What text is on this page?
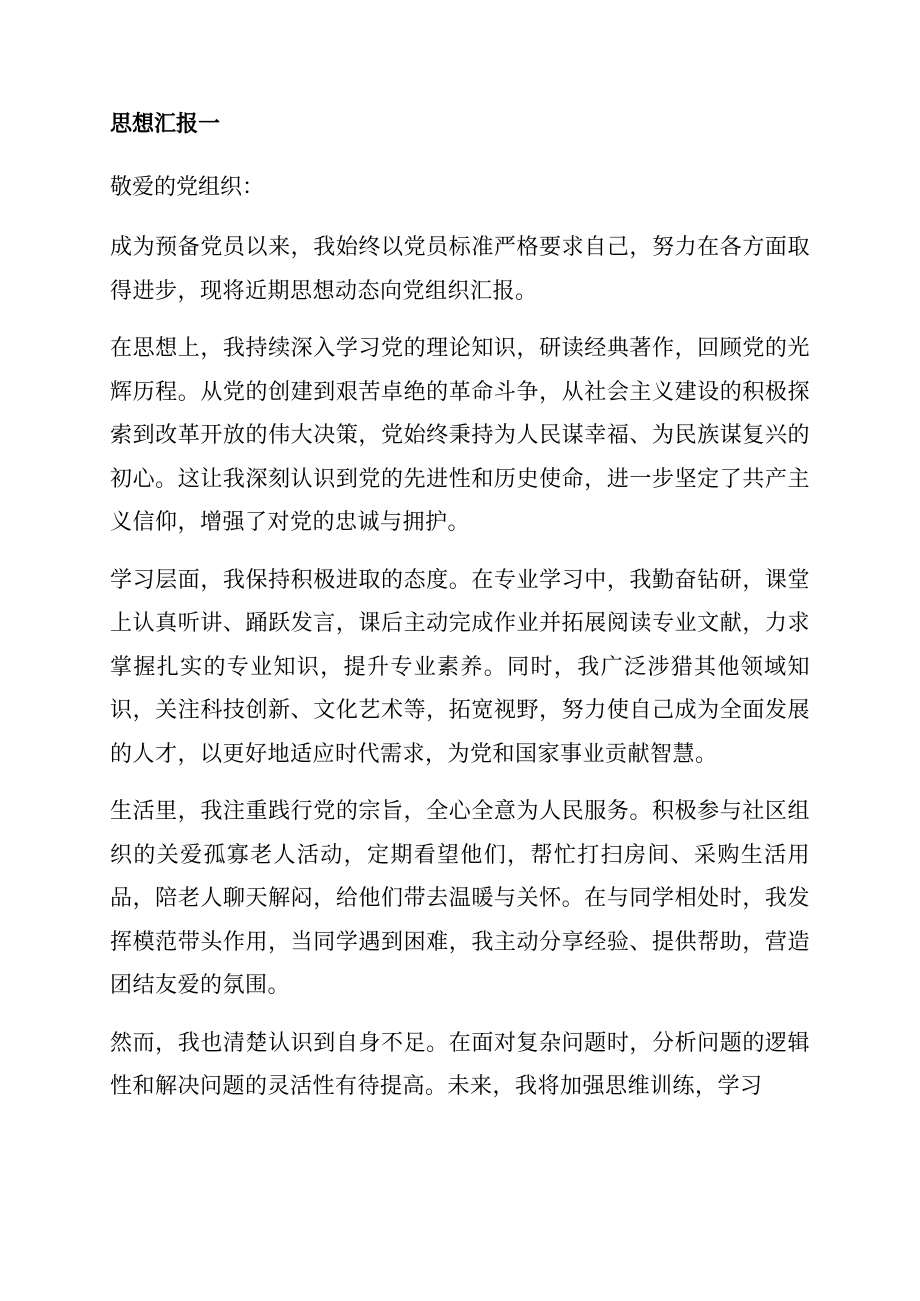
思想汇报一
敬爱的党组织：

成为预备党员以来，我始终以党员标准严格要求自己，努力在各方面取得进步，现将近期思想动态向党组织汇报。

在思想上，我持续深入学习党的理论知识，研读经典著作，回顾党的光辉历程。从党的创建到艰苦卓绝的革命斗争，从社会主义建设的积极探索到改革开放的伟大决策，党始终秉持为人民谋幸福、为民族谋复兴的初心。这让我深刻认识到党的先进性和历史使命，进一步坚定了共产主义信仰，增强了对党的忠诚与拥护。

学习层面，我保持积极进取的态度。在专业学习中，我勤奋钻研，课堂上认真听讲、踊跃发言，课后主动完成作业并拓展阅读专业文献，力求掌握扎实的专业知识，提升专业素养。同时，我广泛涉猎其他领域知识，关注科技创新、文化艺术等，拓宽视野，努力使自己成为全面发展的人才，以更好地适应时代需求，为党和国家事业贡献智慧。

生活里，我注重践行党的宗旨，全心全意为人民服务。积极参与社区组织的关爱孤寡老人活动，定期看望他们，帮忙打扫房间、采购生活用品，陪老人聊天解闷，给他们带去温暖与关怀。在与同学相处时，我发挥模范带头作用，当同学遇到困难，我主动分享经验、提供帮助，营造团结友爱的氛围。

然而，我也清楚认识到自身不足。在面对复杂问题时，分析问题的逻辑性和解决问题的灵活性有待提高。未来，我将加强思维训练，学习
